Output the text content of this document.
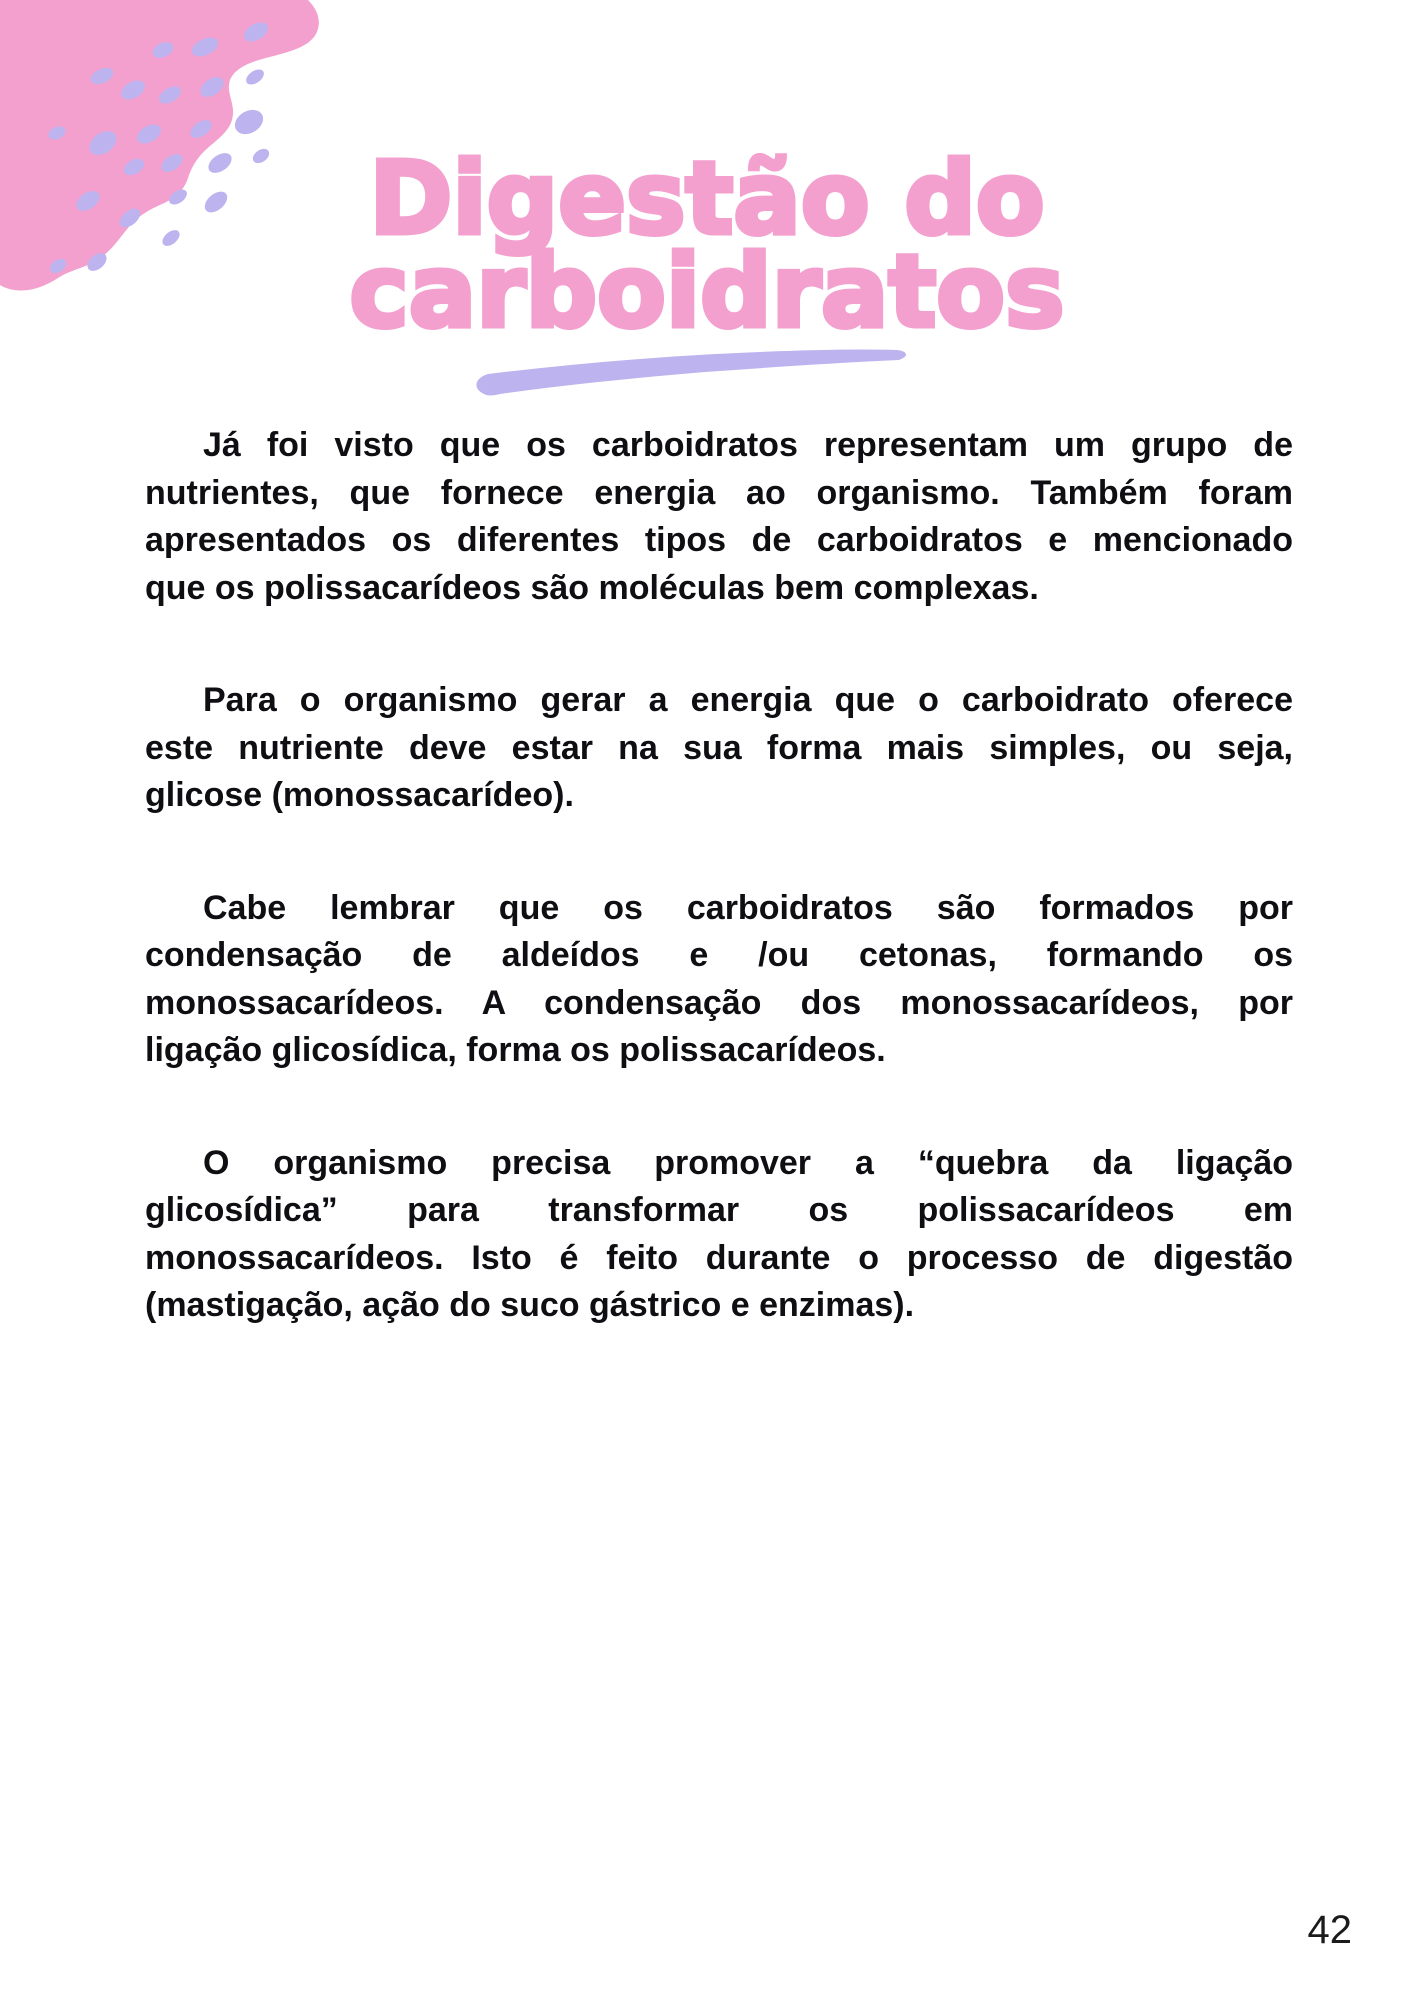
Digestão do
carboidratos

Já foi visto que os carboidratos representam um grupo de
nutrientes, que fornece energia ao organismo. Também foram
apresentados os diferentes tipos de carboidratos e mencionado
que os polissacarídeos são moléculas bem complexas.

Para o organismo gerar a energia que o carboidrato oferece
este nutriente deve estar na sua forma mais simples, ou seja,
glicose (monossacarídeo).

Cabe lembrar que os carboidratos são formados por
condensação de aldeídos e /ou cetonas, formando os
monossacarídeos. A condensação dos monossacarídeos, por
ligação glicosídica, forma os polissacarídeos.

O organismo precisa promover a “quebra da ligação
glicosídica” para transformar os polissacarídeos em
monossacarídeos. Isto é feito durante o processo de digestão
(mastigação, ação do suco gástrico e enzimas).

42
